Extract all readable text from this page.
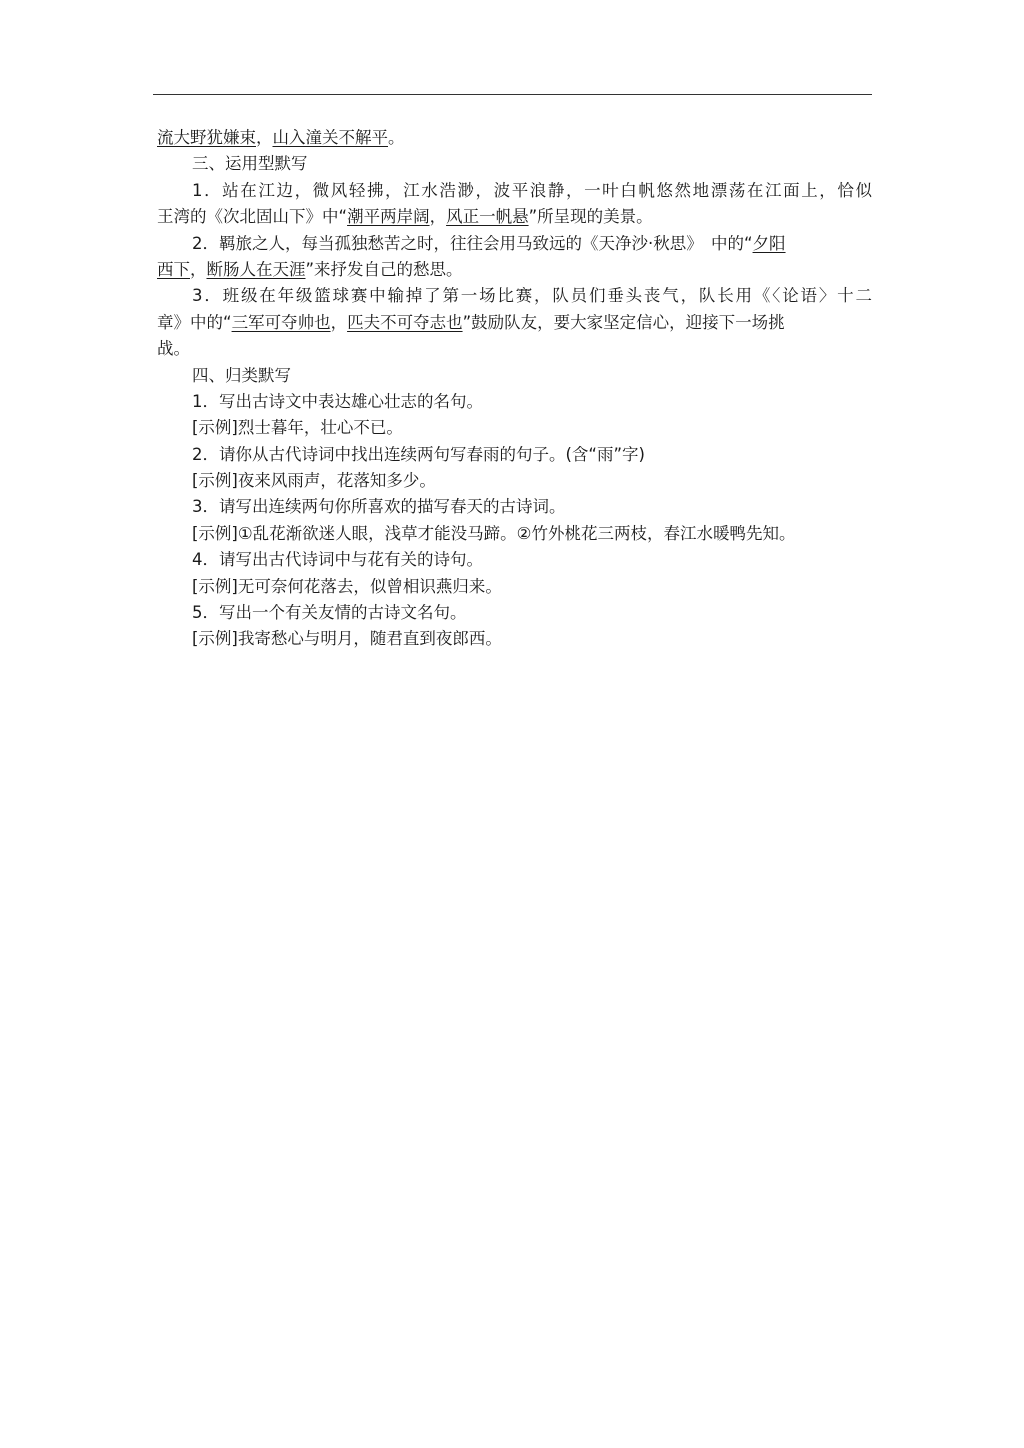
流大野犹嫌束，山入潼关不解平。
三、运用型默写
1．站在江边，微风轻拂，江水浩渺，波平浪静，一叶白帆悠然地漂荡在江面上，恰似
王湾的《次北固山下》中“潮平两岸阔，风正一帆悬”所呈现的美景。
2．羁旅之人，每当孤独愁苦之时，往往会用马致远的《天净沙·秋思》　中的“夕阳
西下，断肠人在天涯”来抒发自己的愁思。
3．班级在年级篮球赛中输掉了第一场比赛，队员们垂头丧气，队长用《〈论语〉十二
章》中的“三军可夺帅也，匹夫不可夺志也”鼓励队友，要大家坚定信心，迎接下一场挑
战。
四、归类默写
1．写出古诗文中表达雄心壮志的名句。
[示例]烈士暮年，壮心不已。
2．请你从古代诗词中找出连续两句写春雨的句子。(含“雨”字)
[示例]夜来风雨声，花落知多少。
3．请写出连续两句你所喜欢的描写春天的古诗词。
[示例]①乱花渐欲迷人眼，浅草才能没马蹄。②竹外桃花三两枝，春江水暖鸭先知。
4．请写出古代诗词中与花有关的诗句。
[示例]无可奈何花落去，似曾相识燕归来。
5．写出一个有关友情的古诗文名句。
[示例]我寄愁心与明月，随君直到夜郎西。
